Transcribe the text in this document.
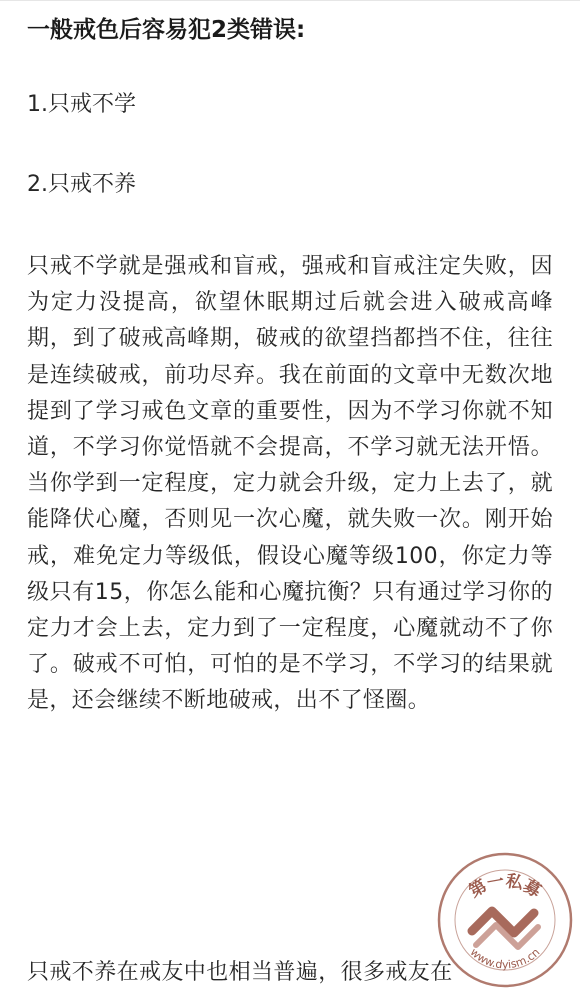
一般戒色后容易犯2类错误:

1.只戒不学

2.只戒不养

只戒不学就是强戒和盲戒，强戒和盲戒注定失败，因为定力没提高，欲望休眠期过后就会进入破戒高峰期，到了破戒高峰期，破戒的欲望挡都挡不住，往往是连续破戒，前功尽弃。我在前面的文章中无数次地提到了学习戒色文章的重要性，因为不学习你就不知道，不学习你觉悟就不会提高，不学习就无法开悟。当你学到一定程度，定力就会升级，定力上去了，就能降伏心魔，否则见一次心魔，就失败一次。刚开始戒，难免定力等级低，假设心魔等级100，你定力等级只有15，你怎么能和心魔抗衡？只有通过学习你的定力才会上去，定力到了一定程度，心魔就动不了你了。破戒不可怕，可怕的是不学习，不学习的结果就是，还会继续不断地破戒，出不了怪圈。

只戒不养在戒友中也相当普遍，很多戒友在

第一私募
www.dyism.cn
